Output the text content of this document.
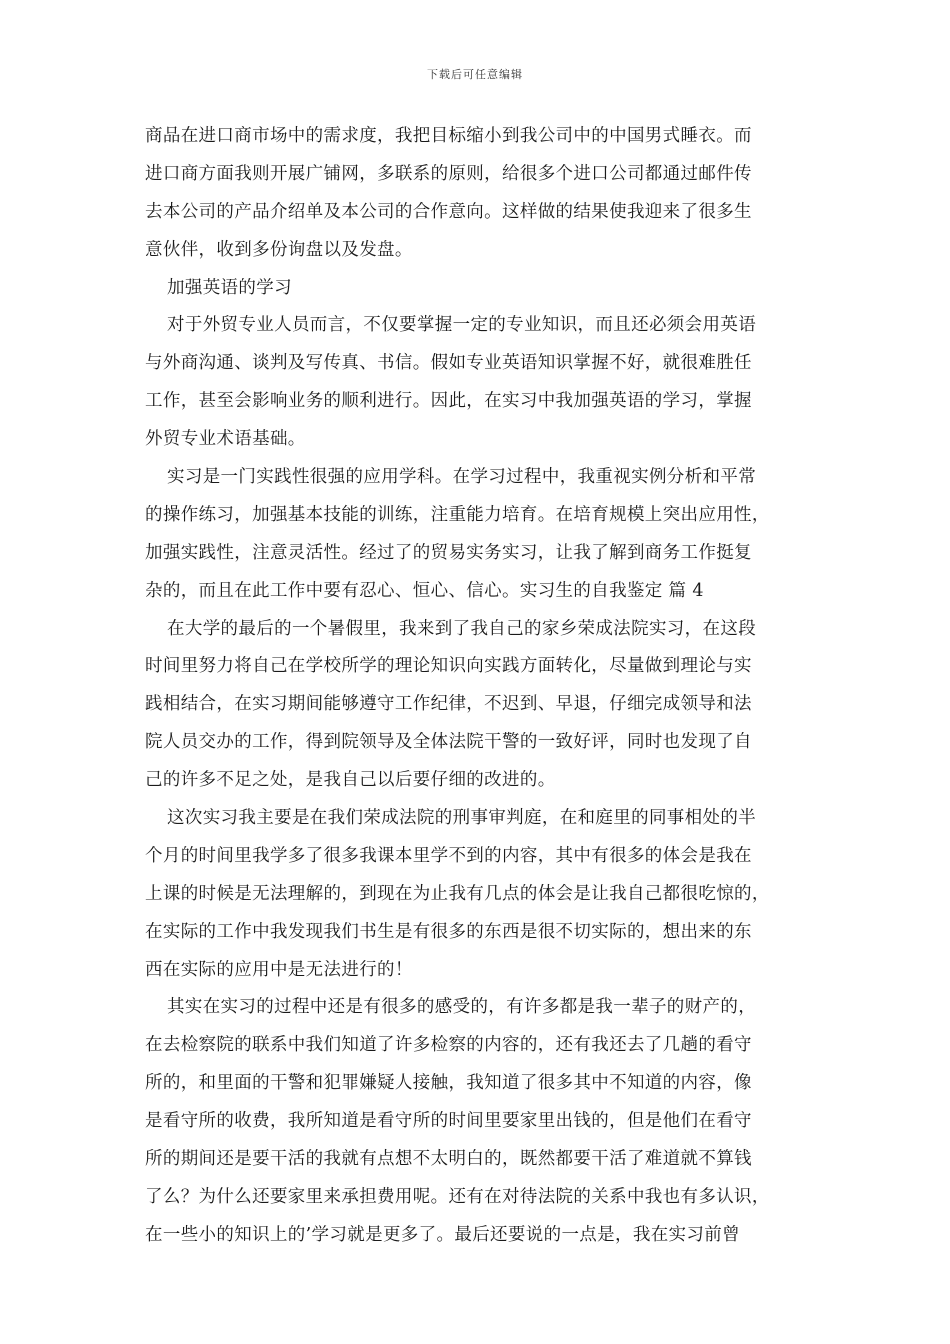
下载后可任意编辑
商品在进口商市场中的需求度，我把目标缩小到我公司中的中国男式睡衣。而
进口商方面我则开展广铺网，多联系的原则，给很多个进口公司都通过邮件传
去本公司的产品介绍单及本公司的合作意向。这样做的结果使我迎来了很多生
意伙伴，收到多份询盘以及发盘。
加强英语的学习
对于外贸专业人员而言，不仅要掌握一定的专业知识，而且还必须会用英语
与外商沟通、谈判及写传真、书信。假如专业英语知识掌握不好，就很难胜任
工作，甚至会影响业务的顺利进行。因此，在实习中我加强英语的学习，掌握
外贸专业术语基础。
实习是一门实践性很强的应用学科。在学习过程中，我重视实例分析和平常
的操作练习，加强基本技能的训练，注重能力培育。在培育规模上突出应用性，
加强实践性，注意灵活性。经过了的贸易实务实习，让我了解到商务工作挺复
杂的，而且在此工作中要有忍心、恒心、信心。实习生的自我鉴定 篇 4
在大学的最后的一个暑假里，我来到了我自己的家乡荣成法院实习，在这段
时间里努力将自己在学校所学的理论知识向实践方面转化，尽量做到理论与实
践相结合，在实习期间能够遵守工作纪律，不迟到、早退，仔细完成领导和法
院人员交办的工作，得到院领导及全体法院干警的一致好评，同时也发现了自
己的许多不足之处，是我自己以后要仔细的改进的。
这次实习我主要是在我们荣成法院的刑事审判庭，在和庭里的同事相处的半
个月的时间里我学多了很多我课本里学不到的内容，其中有很多的体会是我在
上课的时候是无法理解的，到现在为止我有几点的体会是让我自己都很吃惊的，
在实际的工作中我发现我们书生是有很多的东西是很不切实际的，想出来的东
西在实际的应用中是无法进行的！
其实在实习的过程中还是有很多的感受的，有许多都是我一辈子的财产的，
在去检察院的联系中我们知道了许多检察的内容的，还有我还去了几趟的看守
所的，和里面的干警和犯罪嫌疑人接触，我知道了很多其中不知道的内容，像
是看守所的收费，我所知道是看守所的时间里要家里出钱的，但是他们在看守
所的期间还是要干活的我就有点想不太明白的，既然都要干活了难道就不算钱
了么？为什么还要家里来承担费用呢。还有在对待法院的关系中我也有多认识，
在一些小的知识上的’学习就是更多了。最后还要说的一点是，我在实习前曾
